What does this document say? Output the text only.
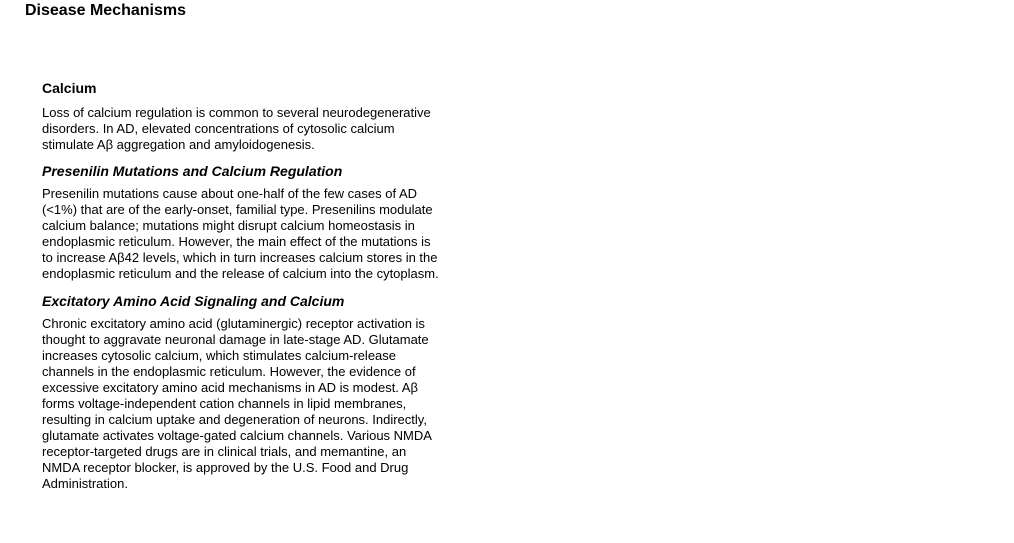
Disease Mechanisms
Calcium

Loss of calcium regulation is common to several neurodegenerative
disorders. In AD, elevated concentrations of cytosolic calcium
stimulate Aβ aggregation and amyloidogenesis.

Presenilin Mutations and Calcium Regulation

Presenilin mutations cause about one-half of the few cases of AD
(<1%) that are of the early-onset, familial type. Presenilins modulate
calcium balance; mutations might disrupt calcium homeostasis in
endoplasmic reticulum. However, the main effect of the mutations is
to increase Aβ42 levels, which in turn increases calcium stores in the
endoplasmic reticulum and the release of calcium into the cytoplasm.

Excitatory Amino Acid Signaling and Calcium

Chronic excitatory amino acid (glutaminergic) receptor activation is
thought to aggravate neuronal damage in late-stage AD. Glutamate
increases cytosolic calcium, which stimulates calcium-release
channels in the endoplasmic reticulum. However, the evidence of
excessive excitatory amino acid mechanisms in AD is modest. Aβ
forms voltage-independent cation channels in lipid membranes,
resulting in calcium uptake and degeneration of neurons. Indirectly,
glutamate activates voltage-gated calcium channels. Various NMDA
receptor-targeted drugs are in clinical trials, and memantine, an
NMDA receptor blocker, is approved by the U.S. Food and Drug
Administration.
